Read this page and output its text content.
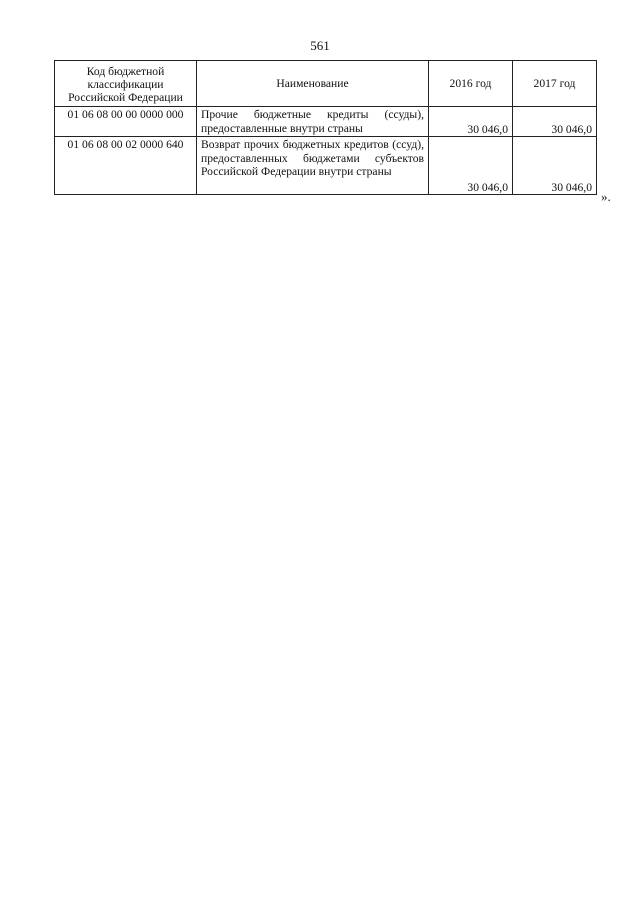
561
Код бюджетной классификации Российской Федерации	Наименование	2016 год	2017 год
01 06 08 00 00 0000 000	Прочие бюджетные кредиты (ссуды), предоставленные внутри страны	30 046,0	30 046,0
01 06 08 00 02 0000 640	Возврат прочих бюджетных кредитов (ссуд), предоставленных бюджетами субъектов Российской Федерации внутри страны	30 046,0	30 046,0
».
